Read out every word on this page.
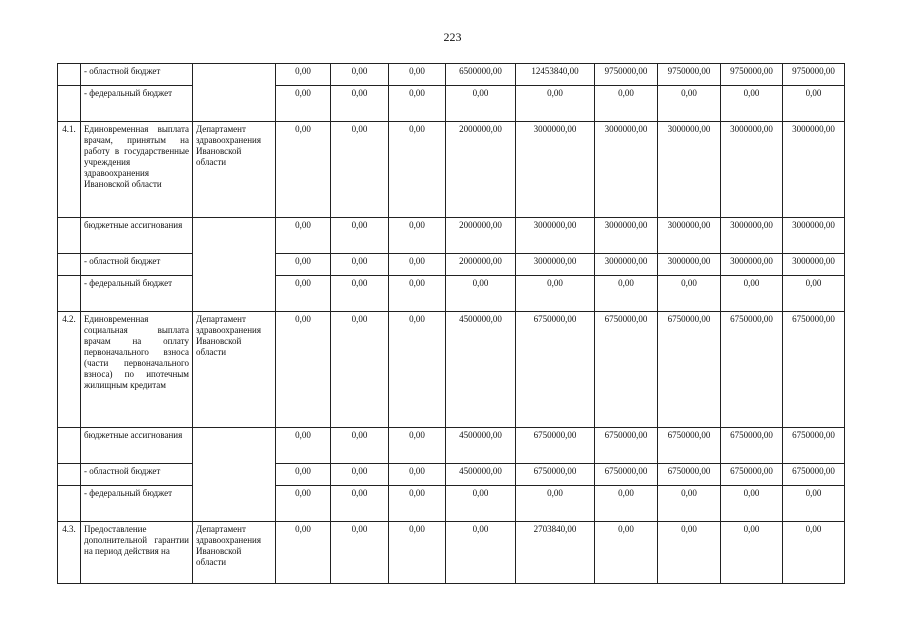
223
	- областной бюджет		0,00	0,00	0,00	6500000,00	12453840,00	9750000,00	9750000,00	9750000,00	9750000,00
	- федеральный бюджет		0,00	0,00	0,00	0,00	0,00	0,00	0,00	0,00	0,00
4.1.	Единовременная выплата врачам, принятым на работу в государственные учреждения здравоохранения Ивановской области	Департамент здравоохранения Ивановской области	0,00	0,00	0,00	2000000,00	3000000,00	3000000,00	3000000,00	3000000,00	3000000,00
	бюджетные ассигнования		0,00	0,00	0,00	2000000,00	3000000,00	3000000,00	3000000,00	3000000,00	3000000,00
	- областной бюджет		0,00	0,00	0,00	2000000,00	3000000,00	3000000,00	3000000,00	3000000,00	3000000,00
	- федеральный бюджет		0,00	0,00	0,00	0,00	0,00	0,00	0,00	0,00	0,00
4.2.	Единовременная социальная выплата врачам на оплату первоначального взноса (части первоначального взноса) по ипотечным жилищным кредитам	Департамент здравоохранения Ивановской области	0,00	0,00	0,00	4500000,00	6750000,00	6750000,00	6750000,00	6750000,00	6750000,00
	бюджетные ассигнования		0,00	0,00	0,00	4500000,00	6750000,00	6750000,00	6750000,00	6750000,00	6750000,00
	- областной бюджет		0,00	0,00	0,00	4500000,00	6750000,00	6750000,00	6750000,00	6750000,00	6750000,00
	- федеральный бюджет		0,00	0,00	0,00	0,00	0,00	0,00	0,00	0,00	0,00
4.3.	Предоставление дополнительной гарантии на период действия на	Департамент здравоохранения Ивановской области	0,00	0,00	0,00	0,00	2703840,00	0,00	0,00	0,00	0,00
